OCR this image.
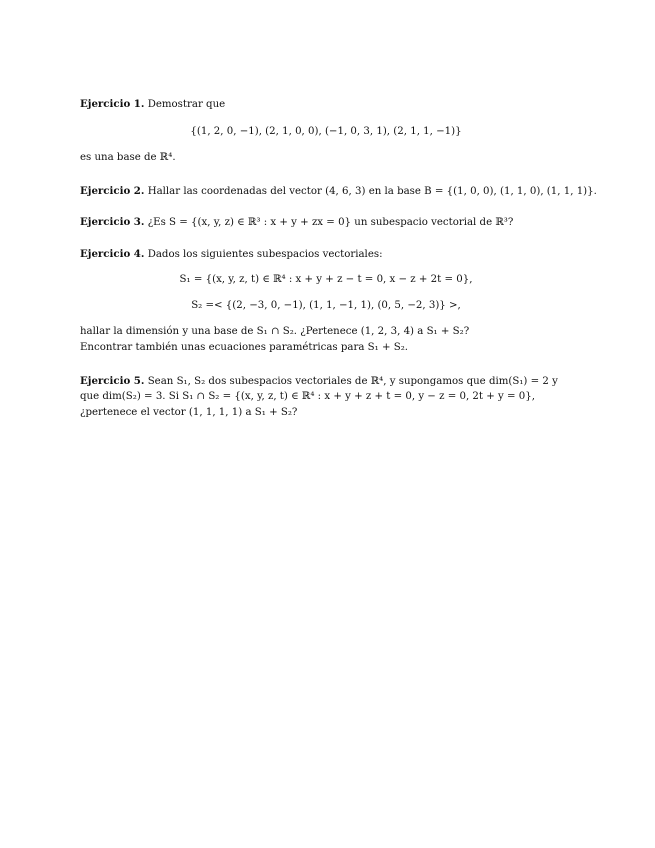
Ejercicio 1. Demostrar que
{(1, 2, 0, −1), (2, 1, 0, 0), (−1, 0, 3, 1), (2, 1, 1, −1)}
es una base de ℝ⁴.
Ejercicio 2. Hallar las coordenadas del vector (4, 6, 3) en la base B = {(1, 0, 0), (1, 1, 0), (1, 1, 1)}.
Ejercicio 3. ¿Es S = {(x, y, z) ∈ ℝ³ : x + y + zx = 0} un subespacio vectorial de ℝ³?
Ejercicio 4. Dados los siguientes subespacios vectoriales:
S₁ = {(x, y, z, t) ∈ ℝ⁴ : x + y + z − t = 0, x − z + 2t = 0},
S₂ =< {(2, −3, 0, −1), (1, 1, −1, 1), (0, 5, −2, 3)} >,
hallar la dimensión y una base de S₁ ∩ S₂. ¿Pertenece (1, 2, 3, 4) a S₁ + S₂?
Encontrar también unas ecuaciones paramétricas para S₁ + S₂.
Ejercicio 5. Sean S₁, S₂ dos subespacios vectoriales de ℝ⁴, y supongamos que dim(S₁) = 2 y
que dim(S₂) = 3. Si S₁ ∩ S₂ = {(x, y, z, t) ∈ ℝ⁴ : x + y + z + t = 0, y − z = 0, 2t + y = 0},
¿pertenece el vector (1, 1, 1, 1) a S₁ + S₂?
